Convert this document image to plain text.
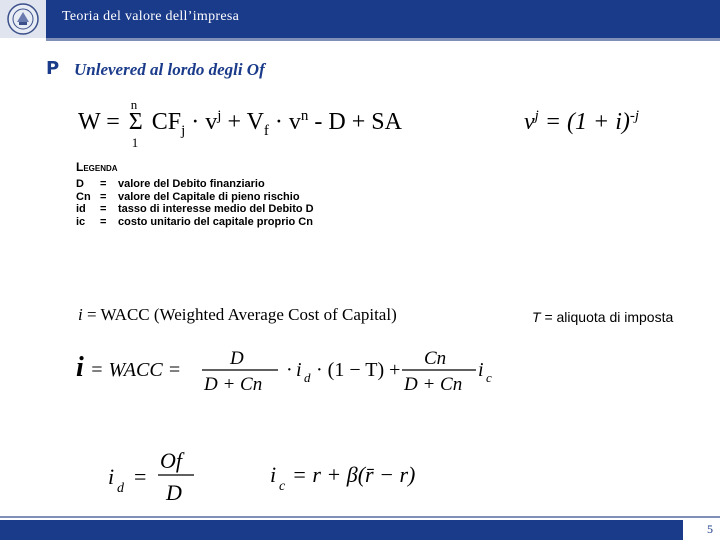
Teoria del valore dell’impresa
P Unlevered al lordo degli Of
W =
n
Σ
1
$CF_j \cdot v^j + V_f \cdot v^n - D$ + SA	$v^j = (1 + i)^{-j}$
Legenda
D	=	valore del Debito finanziario
Cn =	valore del Capitale di pieno rischio
id	=	tasso di interesse medio del Debito D
ic	=	costo unitario del capitale proprio Cn
i = WACC (Weighted Average Cost of Capital)	T = aliquota di imposta
i = WACC =
D
D + Cn
· i d · (1 − T) +
Cn
D + Cn
i c
i d =
Of
D
i c = r + β(r̄ − r)
5
